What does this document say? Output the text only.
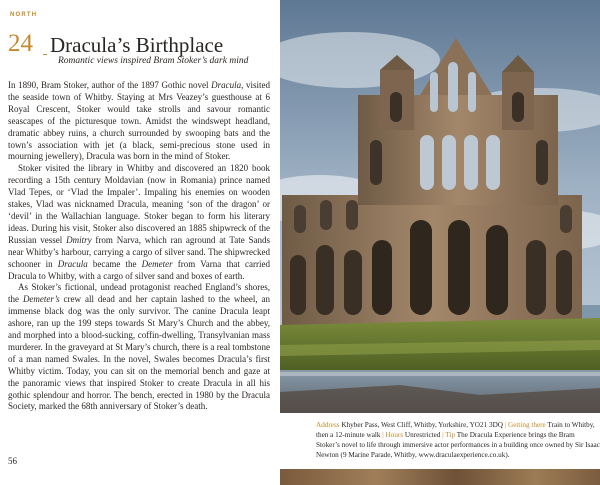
NORTH
24 Dracula’s Birthplace
Romantic views inspired Bram Stoker’s dark mind

In 1890, Bram Stoker, author of the 1897 Gothic novel Dracula, visited the seaside town of Whitby. Staying at Mrs Veazey’s guesthouse at 6 Royal Crescent, Stoker would take strolls and savour romantic seascapes of the picturesque town. Amidst the windswept headland, dramatic abbey ruins, a church surrounded by swooping bats and the town’s association with jet (a black, semi-precious stone used in mourning jewellery), Dracula was born in the mind of Stoker.

Stoker visited the library in Whitby and discovered an 1820 book recording a 15th century Moldavian (now in Romania) prince named Vlad Tepes, or ‘Vlad the Impaler’. Impaling his enemies on wooden stakes, Vlad was nicknamed Dracula, meaning ‘son of the dragon’ or ‘devil’ in the Wallachian language. Stoker began to form his literary ideas. During his visit, Stoker also discovered an 1885 shipwreck of the Russian vessel Dmitry from Narva, which ran aground at Tate Sands near Whitby’s harbour, carrying a cargo of silver sand. The shipwrecked schooner in Dracula became the Demeter from Varna that carried Dracula to Whitby, with a cargo of silver sand and boxes of earth.

As Stoker’s fictional, undead protagonist reached England’s shores, the Demeter’s crew all dead and her captain lashed to the wheel, an immense black dog was the only survivor. The canine Dracula leapt ashore, ran up the 199 steps towards St Mary’s Church and the abbey, and morphed into a blood-sucking, coffin-dwelling, Transylvanian mass murderer. In the graveyard at St Mary’s church, there is a real tombstone of a man named Swales. In the novel, Swales becomes Dracula’s first Whitby victim. Today, you can sit on the memorial bench and gaze at the panoramic views that inspired Stoker to create Dracula in all his gothic splendour and horror. The bench, erected in 1980 by the Dracula Society, marked the 68th anniversary of Stoker’s death.

56
Address Khyber Pass, West Cliff, Whitby, Yorkshire, YO21 3DQ | Getting there Train to Whitby, then a 12-minute walk | Hours Unrestricted | Tip The Dracula Experience brings the Bram Stoker’s novel to life through immersive actor performances in a building once owned by Sir Isaac Newton (9 Marine Parade, Whitby, www.draculaexperience.co.uk).
